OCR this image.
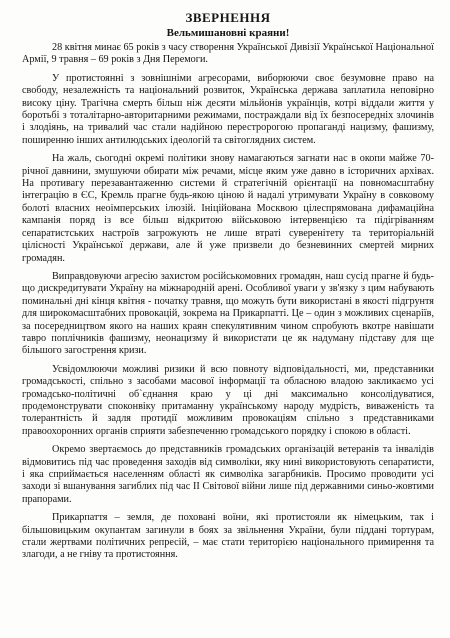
ЗВЕРНЕННЯ

Вельмишановні краяни!

28 квітня минає 65 років з часу створення Української Дивізії Української Національної Армії, 9 травня – 69 років з Дня Перемоги.

У протистоянні з зовнішніми агресорами, виборюючи своє безумовне право на свободу, незалежність та національний розвиток, Українська держава заплатила неповірно високу ціну. Трагічна смерть більш ніж десяти мільйонів українців, котрі віддали життя у боротьбі з тоталітарно-авторитарними режимами, постраждали від їх безпосередніх злочинів і злодіянь, на тривалий час стали надійною перестророгою пропаганді нацизму, фашизму, поширенню інших антилюдських ідеологій та світоглядних систем.

На жаль, сьогодні окремі політики знову намагаються загнати нас в окопи майже 70-річної давнини, змушуючи обирати між речами, місце яким уже давно в історичних архівах. На противагу перезавантаженню системи й стратегічній орієнтації на повномасштабну інтеграцію в ЄС, Кремль прагне будь-якою ціною й надалі утримувати Україну в совковому болоті власних неоімперських ілюзій. Ініційована Москвою цілеспрямована дифамаційна кампанія поряд із все більш відкритою військовою інтервенцією та підігріванням сепаратистських настроїв загрожують не лише втраті суверенітету та територіальній цілісності Української держави, але й уже призвели до безневинних смертей мирних громадян.

Виправдовуючи агресію захистом російськомовних громадян, наш сусід прагне й будь-що дискредитувати Україну на міжнародній арені. Особливої уваги у зв'язку з цим набувають поминальні дні кінця квітня - початку травня, що можуть бути використані в якості підгрунтя для широкомасштабних провокацій, зокрема на Прикарпатті. Це – один з можливих сценаріїв, за посередництвом якого на наших краян спекулятивним чином спробують вкотре навішати тавро поплічників фашизму, неонацизму й використати це як надуману підставу для ще більшого загострення кризи.

Усвідомлюючи можливі ризики й всю повноту відповідальності, ми, представники громадськості, спільно з засобами масової інформації та обласною владою закликаємо усі громадсько-політичні об`єднання краю у ці дні максимально консолідуватися, продемонструвати споконвіку притаманну українському народу мудрість, виваженість та толерантність й задля протидії можливим провокаціям спільно з представниками правоохоронних органів сприяти забезпеченню громадського порядку і спокою в області.

Окремо звертаємось до представників громадських організацій ветеранів та інвалідів відмовитись під час проведення заходів від символіки, яку нині використовують сепаратисти, і яка сприймається населенням області як символіка загарбників. Просимо проводити усі заходи зі вшанування загиблих під час ІІ Світової війни лише під державними синьо-жовтими прапорами.

Прикарпаття – земля, де поховані воїни, які протистояли як німецьким, так і більшовицьким окупантам загинули в боях за звільнення України, були піддані тортурам, стали жертвами політичних репресій, – має стати територією національного примирення та злагоди, а не гніву та протистояння.
